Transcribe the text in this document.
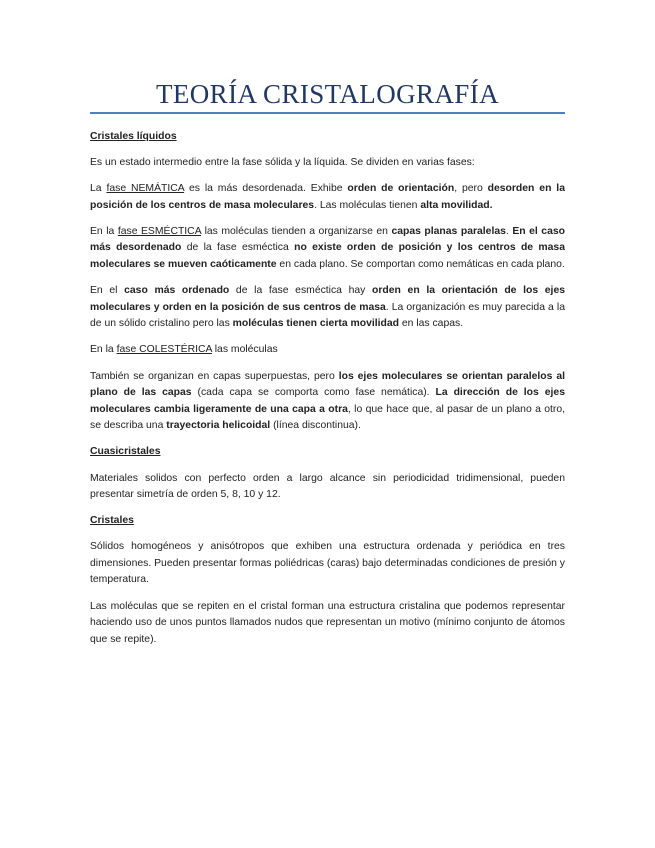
TEORÍA CRISTALOGRAFÍA

Cristales líquidos

Es un estado intermedio entre la fase sólida y la líquida. Se dividen en varias fases:

La fase NEMÁTICA es la más desordenada. Exhibe orden de orientación, pero desorden en la posición de los centros de masa moleculares. Las moléculas tienen alta movilidad.

En la fase ESMÉCTICA las moléculas tienden a organizarse en capas planas paralelas. En el caso más desordenado de la fase esméctica no existe orden de posición y los centros de masa moleculares se mueven caóticamente en cada plano. Se comportan como nemáticas en cada plano.

En el caso más ordenado de la fase esméctica hay orden en la orientación de los ejes moleculares y orden en la posición de sus centros de masa. La organización es muy parecida a la de un sólido cristalino pero las moléculas tienen cierta movilidad en las capas.

En la fase COLESTÉRICA las moléculas

También se organizan en capas superpuestas, pero los ejes moleculares se orientan paralelos al plano de las capas (cada capa se comporta como fase nemática). La dirección de los ejes moleculares cambia ligeramente de una capa a otra, lo que hace que, al pasar de un plano a otro, se describa una trayectoria helicoidal (línea discontinua).

Cuasicristales

Materiales solidos con perfecto orden a largo alcance sin periodicidad tridimensional, pueden presentar simetría de orden 5, 8, 10 y 12.

Cristales

Sólidos homogéneos y anisótropos que exhiben una estructura ordenada y periódica en tres dimensiones. Pueden presentar formas poliédricas (caras) bajo determinadas condiciones de presión y temperatura.

Las moléculas que se repiten en el cristal forman una estructura cristalina que podemos representar haciendo uso de unos puntos llamados nudos que representan un motivo (mínimo conjunto de átomos que se repite).
